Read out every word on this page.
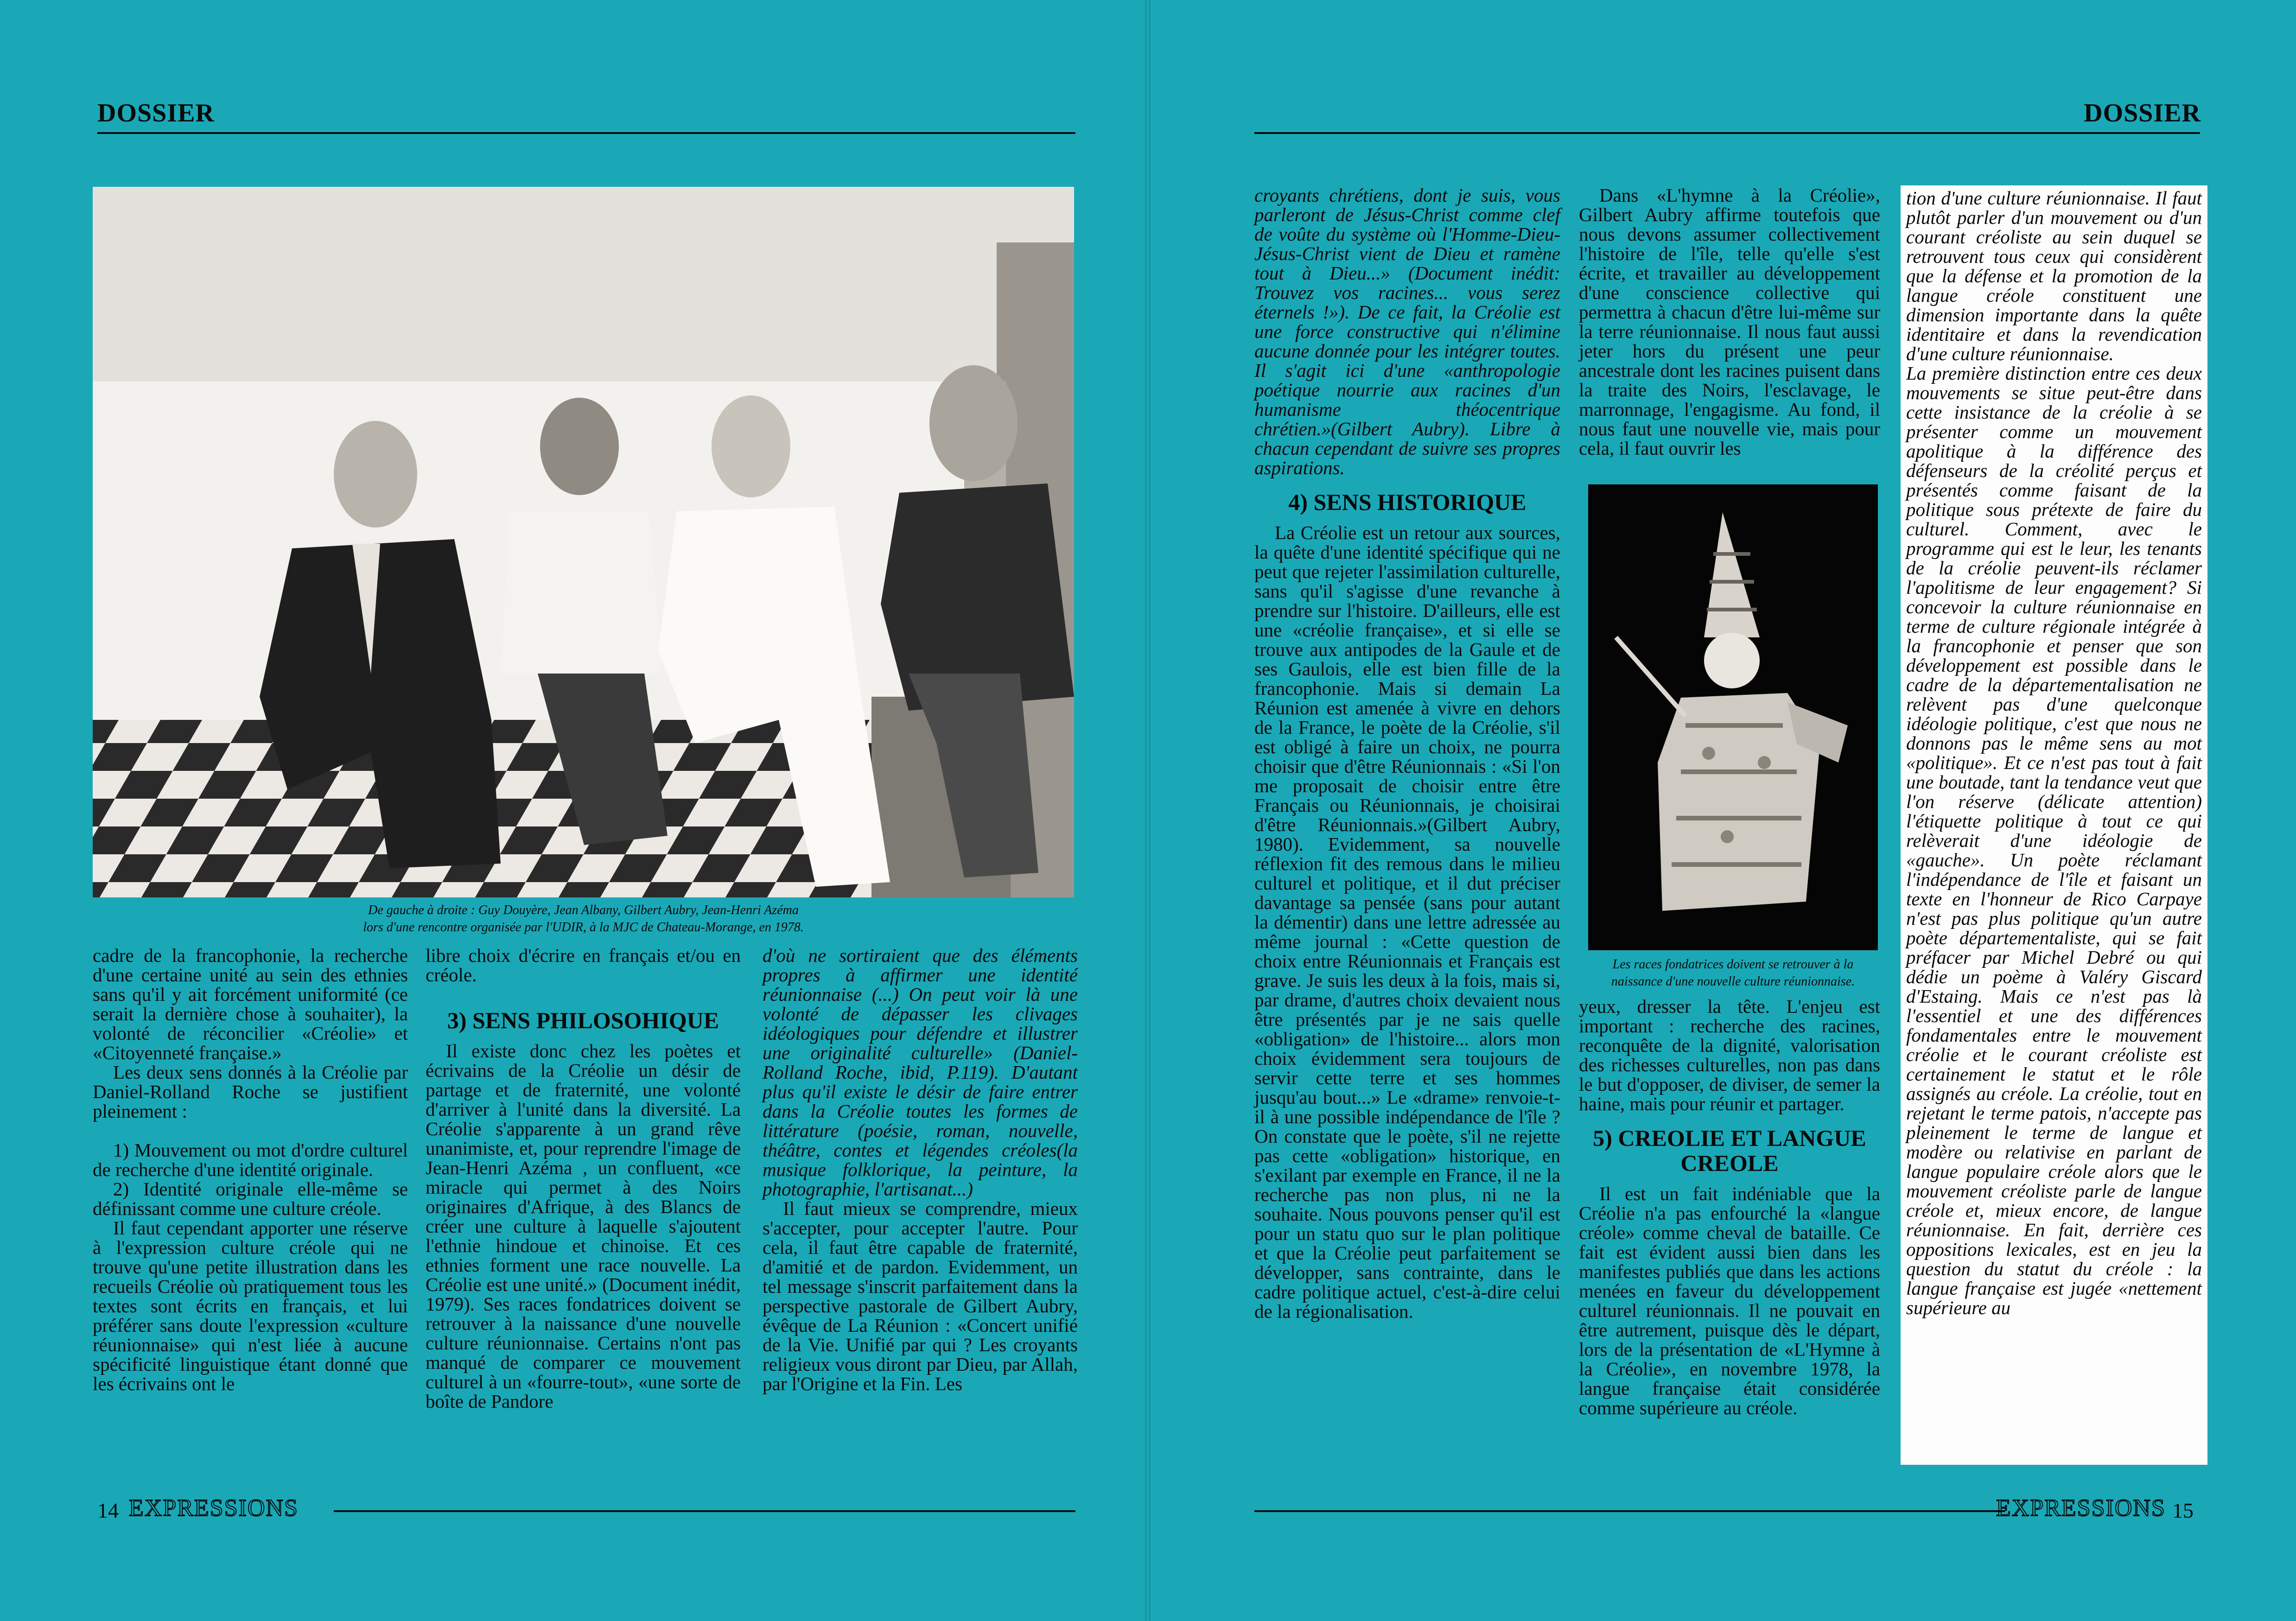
DOSSIER
De gauche à droite : Guy Douyère, Jean Albany, Gilbert Aubry, Jean-Henri Azéma
lors d'une rencontre organisée par l'UDIR, à la MJC de Chateau-Morange, en 1978.

cadre de la francophonie, la recherche d'une certaine unité au sein des ethnies sans qu'il y ait forcément uniformité (ce serait la dernière chose à souhaiter), la volonté de réconcilier «Créolie» et «Citoyenneté française.»

Les deux sens donnés à la Créolie par Daniel-Rolland Roche se justifient pleinement :

1) Mouvement ou mot d'ordre culturel de recherche d'une identité originale.

2) Identité originale elle-même se définissant comme une culture créole.

Il faut cependant apporter une réserve à l'expression culture créole qui ne trouve qu'une petite illustration dans les recueils Créolie où pratiquement tous les textes sont écrits en français, et lui préférer sans doute l'expression «culture réunionnaise» qui n'est liée à aucune spécificité linguistique étant donné que les écrivains ont le

libre choix d'écrire en français et/ou en créole.

3) SENS PHILOSOHIQUE

Il existe donc chez les poètes et écrivains de la Créolie un désir de partage et de fraternité, une volonté d'arriver à l'unité dans la diversité. La Créolie s'apparente à un grand rêve unanimiste, et, pour reprendre l'image de Jean-Henri Azéma , un confluent, «ce miracle qui permet à des Noirs originaires d'Afrique, à des Blancs de créer une culture à laquelle s'ajoutent l'ethnie hindoue et chinoise. Et ces ethnies forment une race nouvelle. La Créolie est une unité.» (Document inédit, 1979). Ses races fondatrices doivent se retrouver à la naissance d'une nouvelle culture réunionnaise. Certains n'ont pas manqué de comparer ce mouvement culturel à un «fourre-tout», «une sorte de boîte de Pandore

d'où ne sortiraient que des éléments propres à affirmer une identité réunionnaise (...) On peut voir là une volonté de dépasser les clivages idéologiques pour défendre et illustrer une originalité culturelle» (Daniel-Rolland Roche, ibid, P.119). D'autant plus qu'il existe le désir de faire entrer dans la Créolie toutes les formes de littérature (poésie, roman, nouvelle, théâtre, contes et légendes créoles(la musique folklorique, la peinture, la photographie, l'artisanat...)

Il faut mieux se comprendre, mieux s'accepter, pour accepter l'autre. Pour cela, il faut être capable de fraternité, d'amitié et de pardon. Evidemment, un tel message s'inscrit parfaitement dans la perspective pastorale de Gilbert Aubry, évêque de La Réunion : «Concert unifié de la Vie. Unifié par qui ? Les croyants religieux vous diront par Dieu, par Allah, par l'Origine et la Fin. Les

14 EXPRESSIONS
DOSSIER

croyants chrétiens, dont je suis, vous parleront de Jésus-Christ comme clef de voûte du système où l'Homme-Dieu-Jésus-Christ vient de Dieu et ramène tout à Dieu...» (Document inédit: Trouvez vos racines... vous serez éternels !»). De ce fait, la Créolie est une force constructive qui n'élimine aucune donnée pour les intégrer toutes. Il s'agit ici d'une «anthropologie poétique nourrie aux racines d'un humanisme théocentrique chrétien.»(Gilbert Aubry). Libre à chacun cependant de suivre ses propres aspirations.

4) SENS HISTORIQUE

La Créolie est un retour aux sources, la quête d'une identité spécifique qui ne peut que rejeter l'assimilation culturelle, sans qu'il s'agisse d'une revanche à prendre sur l'histoire. D'ailleurs, elle est une «créolie française», et si elle se trouve aux antipodes de la Gaule et de ses Gaulois, elle est bien fille de la francophonie. Mais si demain La Réunion est amenée à vivre en dehors de la France, le poète de la Créolie, s'il est obligé à faire un choix, ne pourra choisir que d'être Réunionnais : «Si l'on me proposait de choisir entre être Français ou Réunionnais, je choisirai d'être Réunionnais.»(Gilbert Aubry, 1980). Evidemment, sa nouvelle réflexion fit des remous dans le milieu culturel et politique, et il dut préciser davantage sa pensée (sans pour autant la démentir) dans une lettre adressée au même journal : «Cette question de choix entre Réunionnais et Français est grave. Je suis les deux à la fois, mais si, par drame, d'autres choix devaient nous être présentés par je ne sais quelle «obligation» de l'histoire... alors mon choix évidemment sera toujours de servir cette terre et ses hommes jusqu'au bout...» Le «drame» renvoie-t-il à une possible indépendance de l'île ? On constate que le poète, s'il ne rejette pas cette «obligation» historique, en s'exilant par exemple en France, il ne la recherche pas non plus, ni ne la souhaite. Nous pouvons penser qu'il est pour un statu quo sur le plan politique et que la Créolie peut parfaitement se développer, sans contrainte, dans le cadre politique actuel, c'est-à-dire celui de la régionalisation.

Dans «L'hymne à la Créolie», Gilbert Aubry affirme toutefois que nous devons assumer collectivement l'histoire de l'île, telle qu'elle s'est écrite, et travailler au développement d'une conscience collective qui permettra à chacun d'être lui-même sur la terre réunionnaise. Il nous faut aussi jeter hors du présent une peur ancestrale dont les racines puisent dans la traite des Noirs, l'esclavage, le marronnage, l'engagisme. Au fond, il nous faut une nouvelle vie, mais pour cela, il faut ouvrir les

Les races fondatrices doivent se retrouver à la
naissance d'une nouvelle culture réunionnaise.

yeux, dresser la tête. L'enjeu est important : recherche des racines, reconquête de la dignité, valorisation des richesses culturelles, non pas dans le but d'opposer, de diviser, de semer la haine, mais pour réunir et partager.

5) CREOLIE ET LANGUE CREOLE

Il est un fait indéniable que la Créolie n'a pas enfourché la «langue créole» comme cheval de bataille. Ce fait est évident aussi bien dans les manifestes publiés que dans les actions menées en faveur du développement culturel réunionnais. Il ne pouvait en être autrement, puisque dès le départ, lors de la présentation de «L'Hymne à la Créolie», en novembre 1978, la langue française était considérée comme supérieure au créole.

tion d'une culture réunionnaise. Il faut plutôt parler d'un mouvement ou d'un courant créoliste au sein duquel se retrouvent tous ceux qui considèrent que la défense et la promotion de la langue créole constituent une dimension importante dans la quête identitaire et dans la revendication d'une culture réunionnaise.

La première distinction entre ces deux mouvements se situe peut-être dans cette insistance de la créolie à se présenter comme un mouvement apolitique à la différence des défenseurs de la créolité perçus et présentés comme faisant de la politique sous prétexte de faire du culturel. Comment, avec le programme qui est le leur, les tenants de la créolie peuvent-ils réclamer l'apolitisme de leur engagement? Si concevoir la culture réunionnaise en terme de culture régionale intégrée à la francophonie et penser que son développement est possible dans le cadre de la départementalisation ne relèvent pas d'une quelconque idéologie politique, c'est que nous ne donnons pas le même sens au mot «politique». Et ce n'est pas tout à fait une boutade, tant la tendance veut que l'on réserve (délicate attention) l'étiquette politique à tout ce qui relèverait d'une idéologie de «gauche». Un poète réclamant l'indépendance de l'île et faisant un texte en l'honneur de Rico Carpaye n'est pas plus politique qu'un autre poète départementaliste, qui se fait préfacer par Michel Debré ou qui dédie un poème à Valéry Giscard d'Estaing. Mais ce n'est pas là l'essentiel et une des différences fondamentales entre le mouvement créolie et le courant créoliste est certainement le statut et le rôle assignés au créole. La créolie, tout en rejetant le terme patois, n'accepte pas pleinement le terme de langue et modère ou relativise en parlant de langue populaire créole alors que le mouvement créoliste parle de langue créole et, mieux encore, de langue réunionnaise. En fait, derrière ces oppositions lexicales, est en jeu la question du statut du créole : la langue française est jugée «nettement supérieure au

EXPRESSIONS 15
